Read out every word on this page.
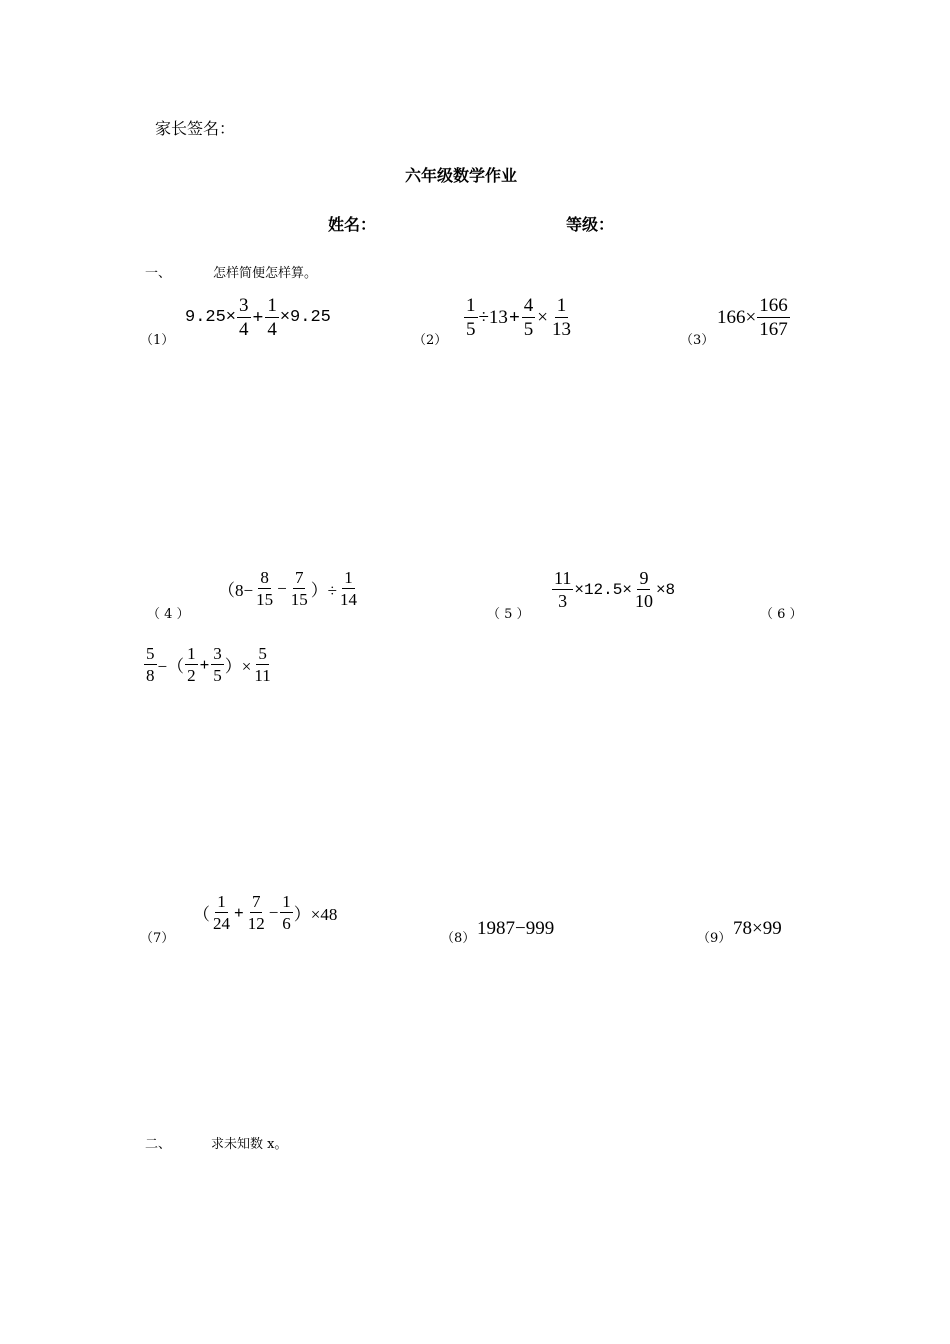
家长签名：
六年级数学作业
姓名：	等级：
一、	怎样简便怎样算。
（1）
$9.25\times \frac{3}{4} + \frac{1}{4} \times 9.25$
（2）
$\frac{1}{5} \div 13 + \frac{4}{5} \times \frac{1}{13}$
（3）
$166\times \frac{166}{167}$
（ 4 ）
（$8- \frac{8}{15} - \frac{7}{15}$ ）÷ $\frac{1}{14}$
（ 5 ）
$\frac{11}{3} \times 12.5\times \frac{9}{10} \times 8$
（ 6 ）
$\frac{5}{8}$ −（ $\frac{1}{2} + \frac{3}{5}$ ）× $\frac{5}{11}$
（7）
（ $\frac{1}{24} + \frac{7}{12} - \frac{1}{6} )\times 48$
（8） 1987−999	（9） 78×99
二、	求未知数 x。
